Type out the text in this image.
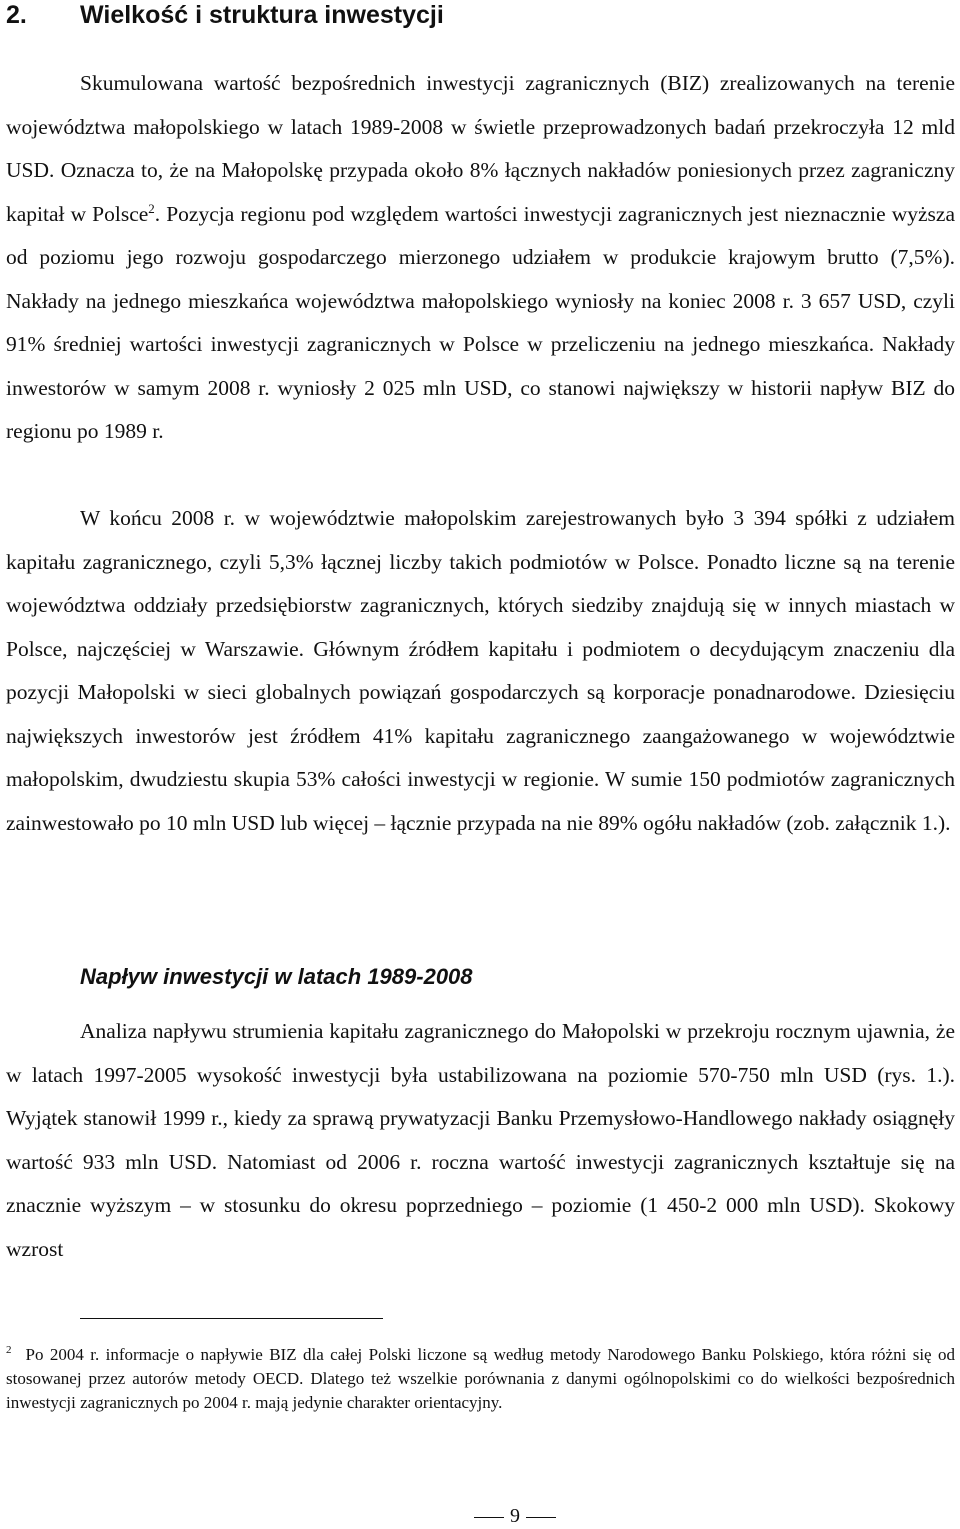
2. Wielkość i struktura inwestycji

Skumulowana wartość bezpośrednich inwestycji zagranicznych (BIZ) zrealizowanych na terenie województwa małopolskiego w latach 1989-2008 w świetle przeprowadzonych badań przekroczyła 12 mld USD. Oznacza to, że na Małopolskę przypada około 8% łącznych nakładów poniesionych przez zagraniczny kapitał w Polsce$^2$. Pozycja regionu pod względem wartości inwestycji zagranicznych jest nieznacznie wyższa od poziomu jego rozwoju gospodarczego mierzonego udziałem w produkcie krajowym brutto (7,5%). Nakłady na jednego mieszkańca województwa małopolskiego wyniosły na koniec 2008 r. 3 657 USD, czyli 91% średniej wartości inwestycji zagranicznych w Polsce w przeliczeniu na jednego mieszkańca. Nakłady inwestorów w samym 2008 r. wyniosły 2 025 mln USD, co stanowi największy w historii napływ BIZ do regionu po 1989 r.

W końcu 2008 r. w województwie małopolskim zarejestrowanych było 3 394 spółki z udziałem kapitału zagranicznego, czyli 5,3% łącznej liczby takich podmiotów w Polsce. Ponadto liczne są na terenie województwa oddziały przedsiębiorstw zagranicznych, których siedziby znajdują się w innych miastach w Polsce, najczęściej w Warszawie. Głównym źródłem kapitału i podmiotem o decydującym znaczeniu dla pozycji Małopolski w sieci globalnych powiązań gospodarczych są korporacje ponadnarodowe. Dziesięciu największych inwestorów jest źródłem 41% kapitału zagranicznego zaangażowanego w województwie małopolskim, dwudziestu skupia 53% całości inwestycji w regionie. W sumie 150 podmiotów zagranicznych zainwestowało po 10 mln USD lub więcej – łącznie przypada na nie 89% ogółu nakładów (zob. załącznik 1.).

Napływ inwestycji w latach 1989-2008

Analiza napływu strumienia kapitału zagranicznego do Małopolski w przekroju rocznym ujawnia, że w latach 1997-2005 wysokość inwestycji była ustabilizowana na poziomie 570-750 mln USD (rys. 1.). Wyjątek stanowił 1999 r., kiedy za sprawą prywatyzacji Banku Przemysłowo-Handlowego nakłady osiągnęły wartość 933 mln USD. Natomiast od 2006 r. roczna wartość inwestycji zagranicznych kształtuje się na znacznie wyższym – w stosunku do okresu poprzedniego – poziomie (1 450-2 000 mln USD). Skokowy wzrost

$^2$ Po 2004 r. informacje o napływie BIZ dla całej Polski liczone są według metody Narodowego Banku Polskiego, która różni się od stosowanej przez autorów metody OECD. Dlatego też wszelkie porównania z danymi ogólnopolskimi co do wielkości bezpośrednich inwestycji zagranicznych po 2004 r. mają jedynie charakter orientacyjny.

9
